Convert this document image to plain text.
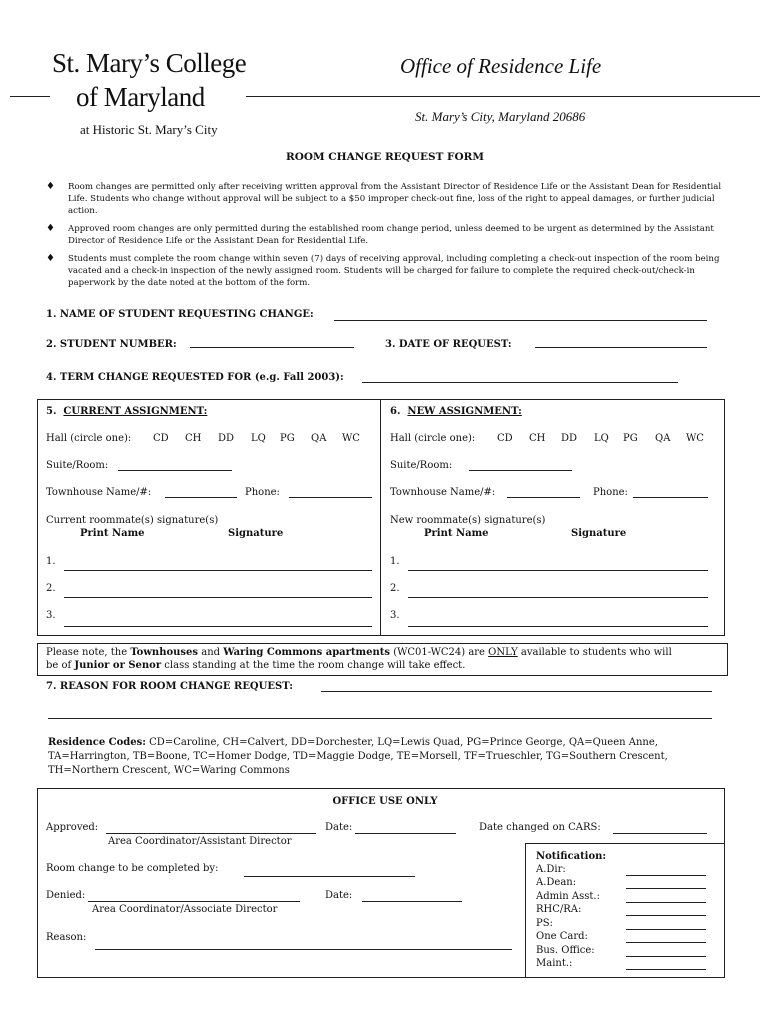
St. Mary’s College
of Maryland
at Historic St. Mary’s City
Office of Residence Life
St. Mary’s City, Maryland 20686
ROOM CHANGE REQUEST FORM
♦ Room changes are permitted only after receiving written approval from the Assistant Director of Residence Life or the Assistant Dean for Residential Life. Students who change without approval will be subject to a $50 improper check-out fine, loss of the right to appeal damages, or further judicial action.
♦ Approved room changes are only permitted during the established room change period, unless deemed to be urgent as determined by the Assistant Director of Residence Life or the Assistant Dean for Residential Life.
♦ Students must complete the room change within seven (7) days of receiving approval, including completing a check-out inspection of the room being vacated and a check-in inspection of the newly assigned room. Students will be charged for failure to complete the required check-out/check-in paperwork by the date noted at the bottom of the form.
1. NAME OF STUDENT REQUESTING CHANGE:
2. STUDENT NUMBER:	3. DATE OF REQUEST:
4. TERM CHANGE REQUESTED FOR (e.g. Fall 2003):
5. CURRENT ASSIGNMENT:
Hall (circle one): CD CH DD LQ PG QA WC
Suite/Room:
Townhouse Name/#:	Phone:
Current roommate(s) signature(s)
Print Name	Signature
1.
2.
3.
6. NEW ASSIGNMENT:
Hall (circle one): CD CH DD LQ PG QA WC
Suite/Room:
Townhouse Name/#:	Phone:
New roommate(s) signature(s)
Print Name	Signature
1.
2.
3.
Please note, the Townhouses and Waring Commons apartments (WC01-WC24) are ONLY available to students who will
be of Junior or Senor class standing at the time the room change will take effect.
7. REASON FOR ROOM CHANGE REQUEST:
Residence Codes: CD=Caroline, CH=Calvert, DD=Dorchester, LQ=Lewis Quad, PG=Prince George, QA=Queen Anne,
TA=Harrington, TB=Boone, TC=Homer Dodge, TD=Maggie Dodge, TE=Morsell, TF=Trueschler, TG=Southern Crescent,
TH=Northern Crescent, WC=Waring Commons
OFFICE USE ONLY
Approved:
Area Coordinator/Assistant Director
Date:	Date changed on CARS:
Room change to be completed by:
Denied:
Area Coordinator/Associate Director
Date:
Reason:
Notification:
A.Dir:
A.Dean:
Admin Asst.:
RHC/RA:
PS:
One Card:
Bus. Office:
Maint.:
